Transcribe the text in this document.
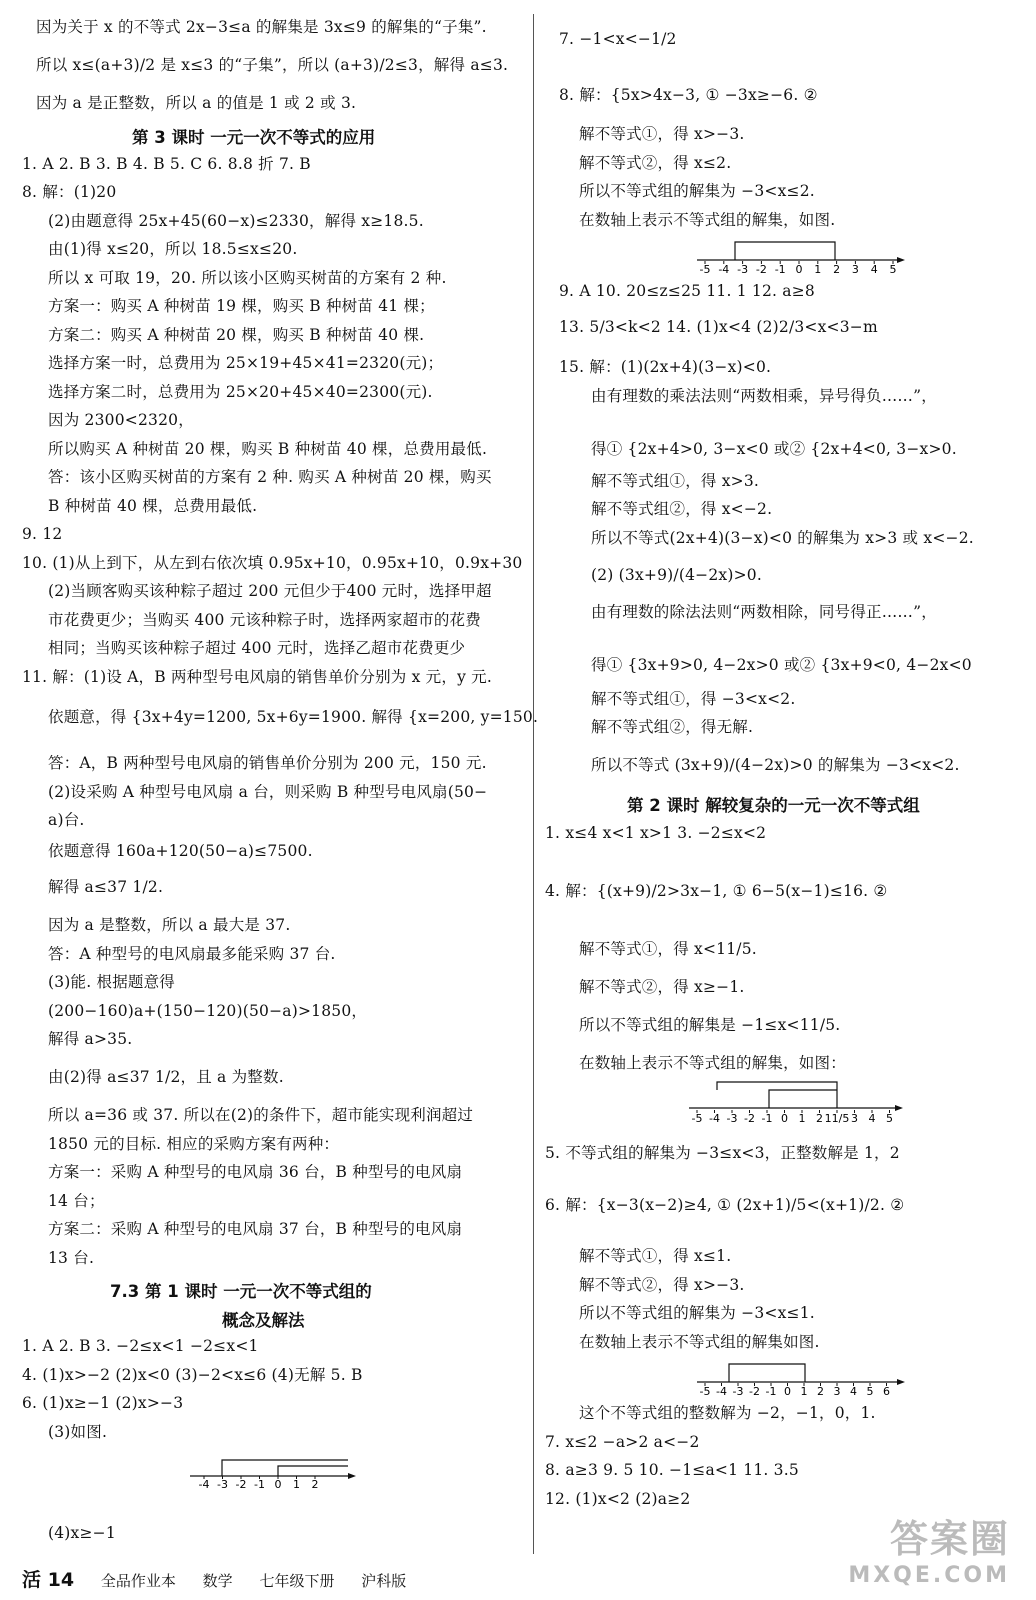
因为关于 x 的不等式 2x−3≤a 的解集是 3x≤9 的解集的“子集”.
所以 x≤(a+3)/2 是 x≤3 的“子集”，所以 (a+3)/2≤3，解得 a≤3.
因为 a 是正整数，所以 a 的值是 1 或 2 或 3.
第 3 课时 一元一次不等式的应用
1. A 2. B 3. B 4. B 5. C 6. 8.8 折 7. B
8. 解：(1)20
(2)由题意得 25x+45(60−x)≤2330，解得 x≥18.5.
由(1)得 x≤20，所以 18.5≤x≤20.
所以 x 可取 19，20. 所以该小区购买树苗的方案有 2 种.
方案一：购买 A 种树苗 19 棵，购买 B 种树苗 41 棵；
方案二：购买 A 种树苗 20 棵，购买 B 种树苗 40 棵.
选择方案一时，总费用为 25×19+45×41=2320(元)；
选择方案二时，总费用为 25×20+45×40=2300(元).
因为 2300<2320，
所以购买 A 种树苗 20 棵，购买 B 种树苗 40 棵，总费用最低.
答：该小区购买树苗的方案有 2 种. 购买 A 种树苗 20 棵，购买
B 种树苗 40 棵，总费用最低.
9. 12
10. (1)从上到下，从左到右依次填 0.95x+10，0.95x+10，0.9x+30
(2)当顾客购买该种粽子超过 200 元但少于400 元时，选择甲超
市花费更少；当购买 400 元该种粽子时，选择两家超市的花费
相同；当购买该种粽子超过 400 元时，选择乙超市花费更少
11. 解：(1)设 A，B 两种型号电风扇的销售单价分别为 x 元，y 元.
依题意，得 {3x+4y=1200, 5x+6y=1900. 解得 {x=200, y=150.
答：A，B 两种型号电风扇的销售单价分别为 200 元，150 元.
(2)设采购 A 种型号电风扇 a 台，则采购 B 种型号电风扇(50−
a)台.
依题意得 160a+120(50−a)≤7500.
解得 a≤37 1/2.
因为 a 是整数，所以 a 最大是 37.
答：A 种型号的电风扇最多能采购 37 台.
(3)能. 根据题意得
(200−160)a+(150−120)(50−a)>1850，
解得 a>35.
由(2)得 a≤37 1/2，且 a 为整数.
所以 a=36 或 37. 所以在(2)的条件下，超市能实现利润超过
1850 元的目标. 相应的采购方案有两种：
方案一：采购 A 种型号的电风扇 36 台，B 种型号的电风扇
14 台；
方案二：采购 A 种型号的电风扇 37 台，B 种型号的电风扇
13 台.
7.3 第 1 课时 一元一次不等式组的
概念及解法
1. A 2. B 3. −2≤x<1 −2≤x<1
4. (1)x>−2 (2)x<0 (3)−2<x≤6 (4)无解 5. B
6. (1)x≥−1 (2)x>−3
(3)如图.
(4)x≥−1
-4 -3 -2 -1 0 1 2
7. −1<x<−1/2
8. 解：{5x>4x−3, ① −3x≥−6. ②
解不等式①，得 x>−3.
解不等式②，得 x≤2.
所以不等式组的解集为 −3<x≤2.
在数轴上表示不等式组的解集，如图.
-5 -4 -3 -2 -1 0 1 2 3 4 5
9. A 10. 20≤z≤25 11. 1 12. a≥8
13. 5/3<k<2 14. (1)x<4 (2)2/3<x<3−m
15. 解：(1)(2x+4)(3−x)<0.
由有理数的乘法法则“两数相乘，异号得负……”，
得① {2x+4>0, 3−x<0 或② {2x+4<0, 3−x>0.
解不等式组①，得 x>3.
解不等式组②，得 x<−2.
所以不等式(2x+4)(3−x)<0 的解集为 x>3 或 x<−2.
(2) (3x+9)/(4−2x)>0.
由有理数的除法法则“两数相除，同号得正……”，
得① {3x+9>0, 4−2x>0 或② {3x+9<0, 4−2x<0
解不等式组①，得 −3<x<2.
解不等式组②，得无解.
所以不等式 (3x+9)/(4−2x)>0 的解集为 −3<x<2.
第 2 课时 解较复杂的一元一次不等式组
1. x≤4 x<1 x>1 3. −2≤x<2
4. 解：{(x+9)/2>3x−1, ① 6−5(x−1)≤16. ②
解不等式①，得 x<11/5.
解不等式②，得 x≥−1.
所以不等式组的解集是 −1≤x<11/5.
在数轴上表示不等式组的解集，如图：
-5 -4 -3 -2 -1 0 1 2 11/5 3 4 5
5. 不等式组的解集为 −3≤x<3，正整数解是 1，2
6. 解：{x−3(x−2)≥4, ① (2x+1)/5<(x+1)/2. ②
解不等式①，得 x≤1.
解不等式②，得 x>−3.
所以不等式组的解集为 −3<x≤1.
在数轴上表示不等式组的解集如图.
-5 -4 -3 -2 -1 0 1 2 3 4 5 6
这个不等式组的整数解为 −2，−1，0，1.
7. x≤2 −a>2 a<−2
8. a≥3 9. 5 10. −1≤a<1 11. 3.5
12. (1)x<2 (2)a≥2
活 14 全品作业本 数学 七年级下册 沪科版
答案圈
MXQE.COM
